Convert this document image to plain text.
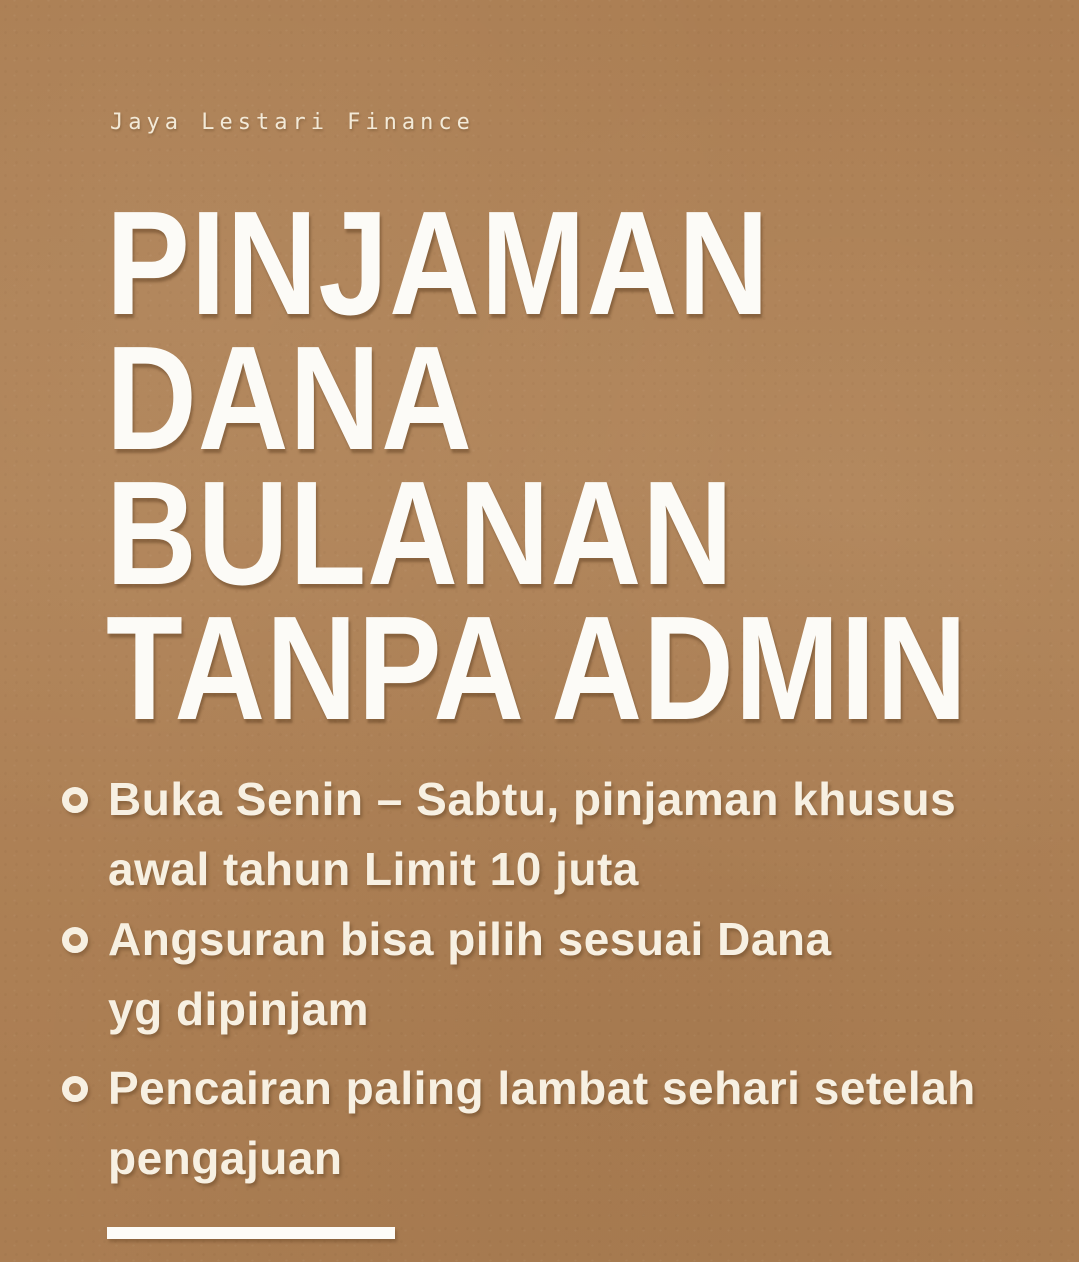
Jaya Lestari Finance
PINJAMAN
DANA
BULANAN
TANPA ADMIN
Buka Senin – Sabtu, pinjaman khusus
awal tahun Limit 10 juta
Angsuran bisa pilih sesuai Dana
yg dipinjam
Pencairan paling lambat sehari setelah
pengajuan
